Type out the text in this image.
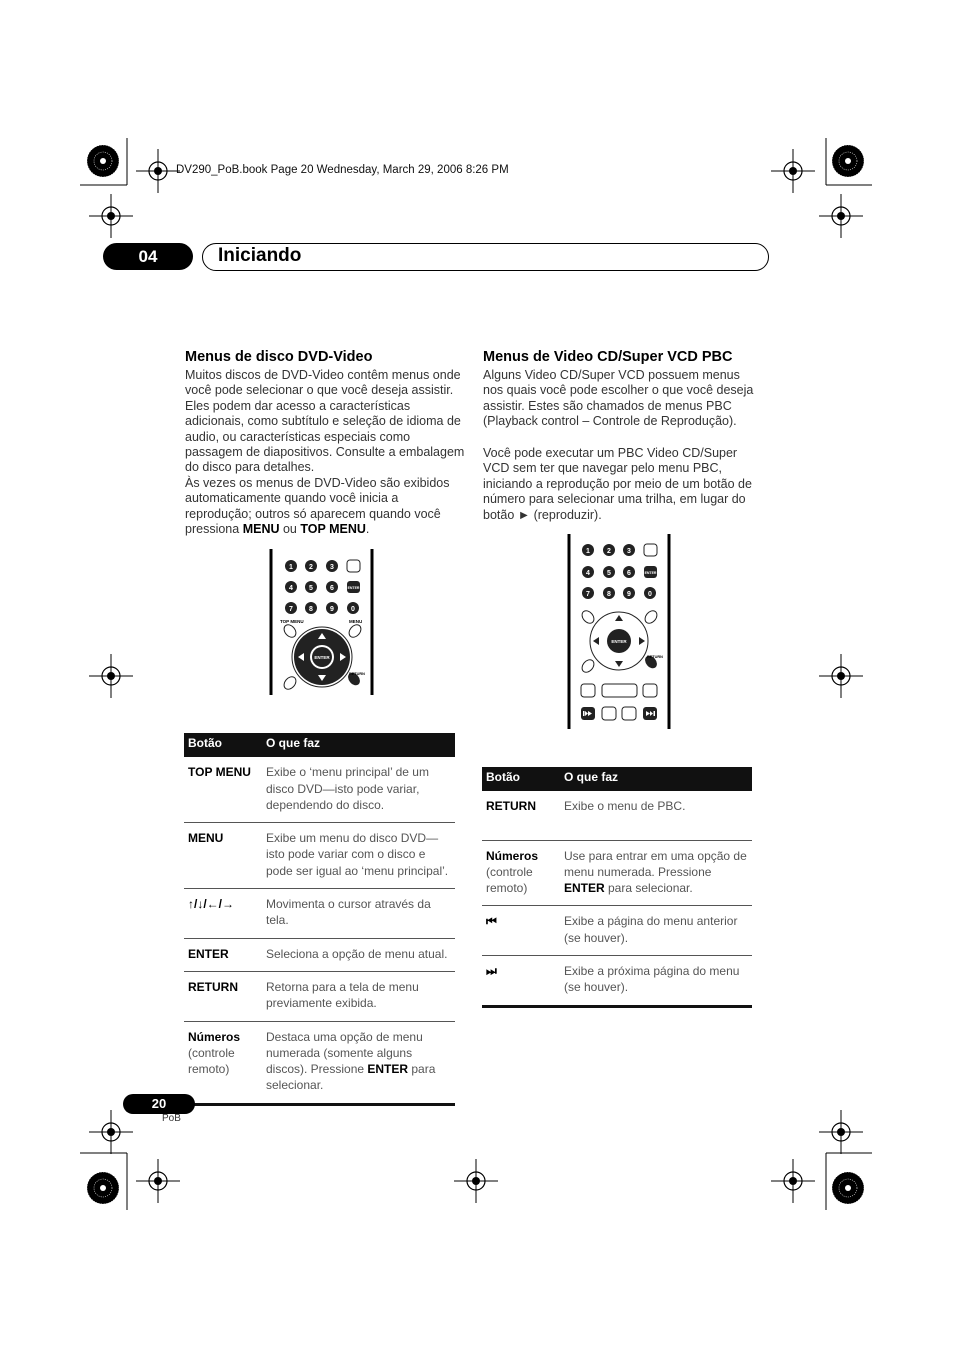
DV290_PoB.book Page 20 Wednesday, March 29, 2006 8:26 PM
04	Iniciando
Menus de disco DVD-Video

Muitos discos de DVD-Video contêm menus onde você pode selecionar o que você deseja assistir. Eles podem dar acesso a características adicionais, como subtítulo e seleção de idioma de audio, ou características especiais como passagem de diapositivos. Consulte a embalagem do disco para detalhes.

Às vezes os menus de DVD-Video são exibidos automaticamente quando você inicia a reprodução; outros só aparecem quando você pressiona MENU ou TOP MENU.

1 2 3
4 5 6	ENTER
7 8 9 0
TOP MENU	MENU
ENTER
RETURN
Botão	O que faz
TOP MENU	Exibe o ‘menu principal’ de um disco DVD—isto pode variar, dependendo do disco.
MENU	Exibe um menu do disco DVD—isto pode variar com o disco e pode ser igual ao ‘menu principal’.
↑/↓/←/→	Movimenta o cursor através da tela.
ENTER	Seleciona a opção de menu atual.
RETURN	Retorna para a tela de menu previamente exibida.
Números
(controle remoto)	Destaca uma opção de menu numerada (somente alguns discos). Pressione ENTER para selecionar.
Menus de Video CD/Super VCD PBC

Alguns Video CD/Super VCD possuem menus nos quais você pode escolher o que você deseja assistir. Estes são chamados de menus PBC (Playback control – Controle de Reprodução).

Você pode executar um PBC Video CD/Super VCD sem ter que navegar pelo menu PBC, iniciando a reprodução por meio de um botão de número para selecionar uma trilha, em lugar do botão ► (reproduzir).

1 2 3
4 5 6	ENTER
7 8 9 0
ENTER
RETURN
Botão	O que faz
RETURN	Exibe o menu de PBC.
Números
(controle remoto)	Use para entrar em uma opção de menu numerada. Pressione ENTER para selecionar.
⏮	Exibe a página do menu anterior (se houver).
⏭	Exibe a próxima página do menu (se houver).
20
PoB
